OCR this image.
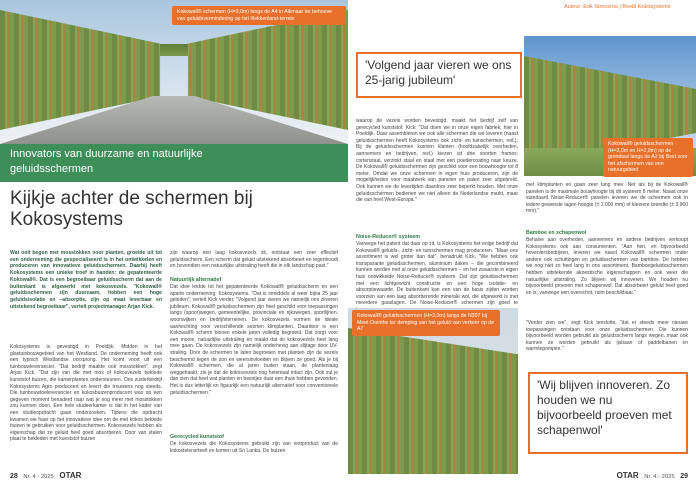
Kokowall® schermen (H=3,0m) langs de A4 in Alkmaar ter behoeve van geluidsvermindering op het Rekkenland-terrein
Innovators van duurzame en natuurlijke geluidsschermen
Kijkje achter de schermen bij Kokosystems
Wat ooit begon met mosstokken voor planten, groeide uit tot een onderneming die gespecialiseerd is in het ontwikkelen en produceren van innovatieve geluidsschermen. Daarbij heeft Kokosystems een unieke troef in handen: de gepatenteerde Kokowall®. Dat is een begroeibaar geluidsscherm dat aan de buitenkant is afgewerkt met kokosvezels. "Kokowall® geluidsschermen zijn duurzaam, hebben een hoge geluidsisolatie en –absorptie, zijn op maat leverbaar en uitstekend begroeibaar", vertelt projectmanager Arjan Kick.
Kokosystems is gevestigd in Poeldijk. Midden in het glastuinbouwgebied van het Westland. De onderneming heeft ook een typisch Westlandse oorsprong. Het komt voort uit een tuinbouwleverancier. "Dat bedrijf maakte ook mosstokken", zegt Arjan Kick. "Dat zijn van die met mos of kokosvezels beklede kunststof buizen, die kamerplanten ondersteunen. Ons zusterbedrijf Kokosystems Agro produceert en levert die trouwens nog steeds. Die tuinbouwtoeleverancier en kokosbuizenproducent was op een gegeven moment benaderd naar wat je nog meer met mosstokken zou kunnen doen. Een hele studeerkamer is dat in het kader van een studieopdracht gaan onderzoeken. Tijdens die opdracht kwamen we haar op het innovatieve idee om de met kokos beklede buizen te gebruiken voor geluidsschermen. Kokosvezels hebben als eigenschap dat ze geluid heel goed absorberen. Door van stalen plaat te bekleden met kunststof buizen
zijn waarop een laag kokosvezels zit, ontstaat een zeer effectief geluidsscherm. Een scherm dat geluid uitstekend absorbeert en tegenhoudt en bovendien een natuurlijke uitstraling heeft die in elk landschap past."
Natuurlijk alternatief
Dat idee leidde tot het gepatenteerde Kokowall® geluidsscherm en een aparte onderneming: Kokosystems. "Dat is inmiddels al weer bijna 25 jaar geleden", vertelt Kick verder. "Volgend jaar vieren we namelijk ons zilveren jubileum. Kokowall® geluidsschermen zijn heel geschikt voor toepassingen langs (spoor)wegen, gemeentelijke, provinciale en rijkswegen, sportlijnen, woonwijken en bedrijfsterreinen. De kokosvezels vormen de ideale aanhechting voor verschillende soorten klimplanten. Daardoor is een Kokowall® scherm binnen enkele jaren volledig begroeid. Dat zorgt voor een mooie, natuurlijke uitstraling en maakt dat de kokosvezels heel lang mee gaan. De kokosvezels zijn namelijk onderhevig aan slijtage door UV-straling. Door de schermen te laten begroeien met planten zijn de vezels beschermd tegen de zon en weersinvloeden en blijven ze goed. Als je bij Kokowall® schermen, die al jaren buiten staan, de plantenlaag weggehaald, zie je dat de kokosvezels nog helemaal intact zijn. Ook zul je dan zien dat heel wat planten en beestjes daar een thuis hebben gevonden. Het is dus letterlijk en figuurlijk een natuurlijk alternatief voor conventionele geluidsschermen."
Gerecycled kunststof
De kokosvezels die Kokosystems gebruikt zijn van restproduct van de kokostelensrteelt en komen uit Sri Lanka. De buizen
28 Nr. 4 - 2025 OTAR
Auteur: Erik Stroosma | Beeld Kokosystems
'Volgend jaar vieren we ons 25-jarig jubileum'
Kokowall® geluidsschermen (H=3,0m en H=2,0m) op de grondwal langs de A2 bij Best voor het afschermen van een natuurgebied
waarop de vezels worden bevestigd, maakt het bedrijf zelf van gerecycled kunststof. Kick: "Dat doen we in onze eigen fabriek, hier in Poeldijk. Daar assembleren we ook alle schermen die we leveren (naast geluidsschermen heeft Kokosystems ook zicht- en tuinschermen, red.). Bij de geluidsschermen kunnen klanten (hoofdzakelijk overheden, aannemers en bedrijven, red.) kiezen uit drie soorten frames: cortenstaal, verzinkt staal en staal met een poedercoating naar keuze. De Kokowall® geluidsschermen zijn geschikt voor een bouwhoogte tot 8 meter. Omdat we onze schermen in eigen huis produceren, zijn de mogelijkheden voor maatwerk van panelen en palen zeer uitgebreid. Ook kunnen we de levertijden daardoor zeer beperkt houden. Met onze geluidsschermen bedienen we niet alleen de Nederlandse markt, maar die van heel West-Europa."
Noise-Reducer® systeem
Vanwege het patent dat daar op zit, is Kokosystems het enige bedrijf dat Kokowall® geluids-, zicht- en tuinschermen mag produceren. "Maar ons assortiment is wel groter dan dat", benadrukt Kick. "We hebben ook transparante geluidsschermen, aluminium daken – die gecombineerd kunnen worden met al onze geluidsschermen – en het zwaarste in eigen huis ontwikkelde Noise-Reducer® systeem. Dat zijn geluidsschermen met een lichtgewicht constructie en een hoge isolatie- en absorptiewaarde. De buitenkant kan een van de basis zijden worden voorzien van een laag absorberende minerale wol, die afgewerkt is met meerdere gaaslagen. De Noise-Reducer® schermen zijn goed te
Kokowall® geluidsschermen (H=3,0m) langs de N307 bij Meet Drenthe ter demping van het geluid van verkeer op de A7
met klimplanten en gaan zeer lang mee. Net als bij de Kokowall® panelen is de maximale bouwhoogte bij dit systeem 8 meter. Naast onze standaard Noise-Reducer® panelen leveren we de schermen ook in iedere gewenste lagen hoogte (± 2.000 mm) of kleinere breedte (± 3.960 mm)."
Bamboe en schapenwol
Behalve aan overheden, aannemers en andere bedrijven verkoopt Kokosystems ook aan consumenten. "Aan hen, en bijvoorbeeld hoveniersbedrijven, leveren we naast Kokowall® schermen onder andere ook schuttingen en geluidsschermen van bamboe. De hebben we nog niet zo heel lang in ons assortiment. Bamboegeluidsschermen hebben uitstekende akoestische eigenschappen en ook weer die natuurlijke uitstraling. Zo blijven wij innoveren. We houden nu bijvoorbeeld proeven met schapenwol. Dat absorbeert geluid heel goed en is, vanwege een overschot, ruim beschikbaar."
"Verder zien we", zegt Kick tenslotte, "dat er steeds meer nieuwe toepassingen ontstaan voor onze geluidsschermen. Die kunnen bijvoorbeeld worden gebruikt als geluidsscherm langs wegen, maar ook kunnen ze worden gebruikt als ijsbaan of paddelbanen en warmtepompen."
'Wij blijven innoveren. Zo houden we nu bijvoorbeeld proeven met schapenwol'
OTAR Nr. 4 - 2025 29
